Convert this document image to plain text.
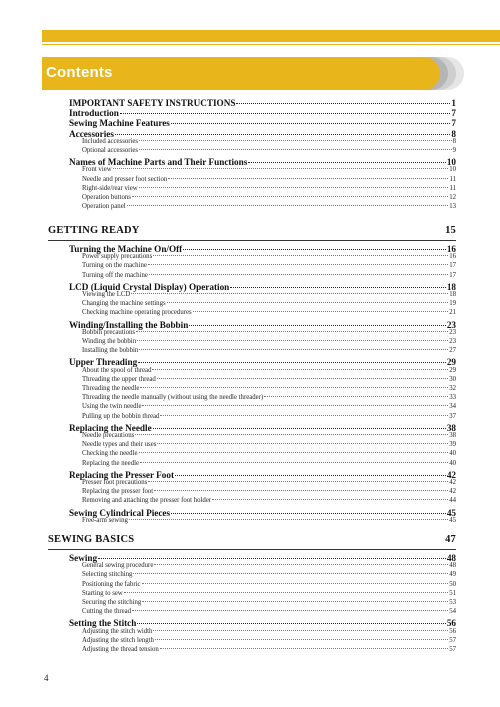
Contents
IMPORTANT SAFETY INSTRUCTIONS	1
Introduction	7
Sewing Machine Features	7
Accessories	8
Included accessories	8
Optional accessories	9
Names of Machine Parts and Their Functions	10
Front view	10
Needle and presser foot section	11
Right-side/rear view	11
Operation buttons	12
Operation panel	13
GETTING READY	15
Turning the Machine On/Off	16
Power supply precautions	16
Turning on the machine	17
Turning off the machine	17
LCD (Liquid Crystal Display) Operation	18
Viewing the LCD	18
Changing the machine settings	19
Checking machine operating procedures	21
Winding/Installing the Bobbin	23
Bobbin precautions	23
Winding the bobbin	23
Installing the bobbin	27
Upper Threading	29
About the spool of thread	29
Threading the upper thread	30
Threading the needle	32
Threading the needle manually (without using the needle threader)	33
Using the twin needle	34
Pulling up the bobbin thread	37
Replacing the Needle	38
Needle precautions	38
Needle types and their uses	39
Checking the needle	40
Replacing the needle	40
Replacing the Presser Foot	42
Presser foot precautions	42
Replacing the presser foot	42
Removing and attaching the presser foot holder	44
Sewing Cylindrical Pieces	45
Free-arm sewing	45
SEWING BASICS	47
Sewing	48
General sewing procedure	48
Selecting stitching	49
Positioning the fabric	50
Starting to sew	51
Securing the stitching	53
Cutting the thread	54
Setting the Stitch	56
Adjusting the stitch width	56
Adjusting the stitch length	57
Adjusting the thread tension	57
4
